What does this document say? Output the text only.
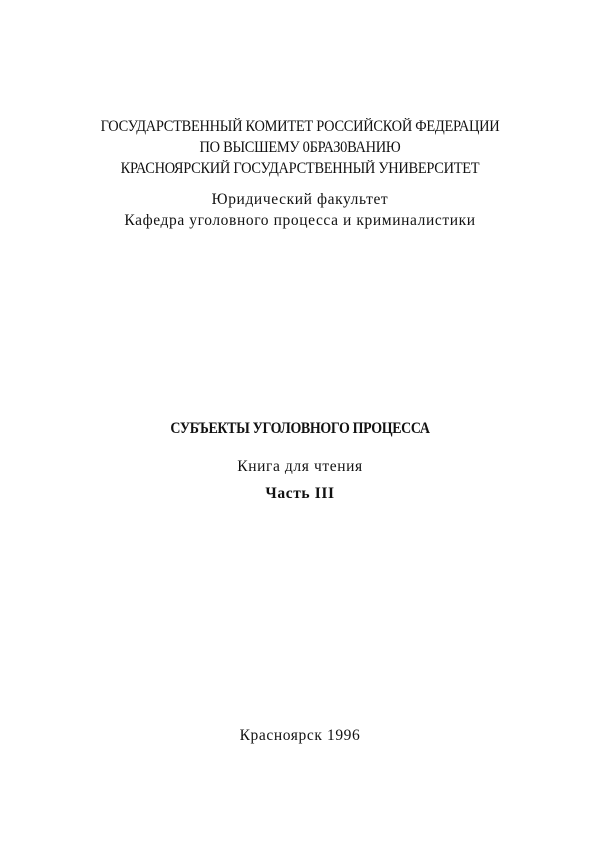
ГОСУДАРСТВЕННЫЙ КОМИТЕТ РОССИЙСКОЙ ФЕДЕРАЦИИ
ПО ВЫСШЕМУ 0БРАЗ0ВАНИЮ
КРАСНОЯРСКИЙ ГОСУДАРСТВЕННЫЙ УНИВЕРСИТЕТ
Юридический факультет
Кафедра уголовного процесса и криминалистики
СУБЪЕКТЫ УГОЛОВНОГО ПРОЦЕССА
Книга для чтения
Часть III
Красноярск 1996
